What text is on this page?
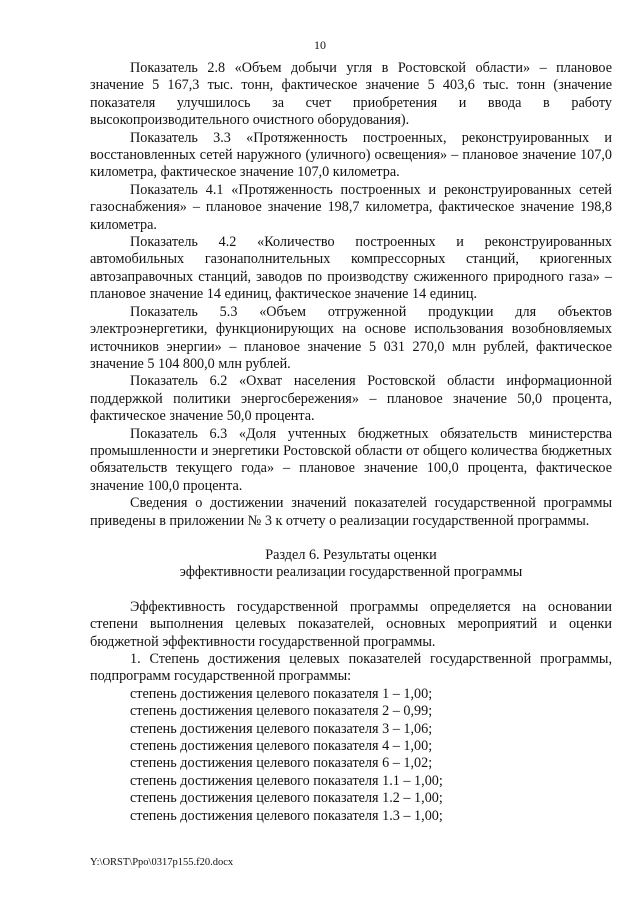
10

Показатель 2.8 «Объем добычи угля в Ростовской области» – плановое значение 5 167,3 тыс. тонн, фактическое значение 5 403,6 тыс. тонн (значение показателя улучшилось за счет приобретения и ввода в работу высокопроизводительного очистного оборудования).

Показатель 3.3 «Протяженность построенных, реконструированных и восстановленных сетей наружного (уличного) освещения» – плановое значение 107,0 километра, фактическое значение 107,0 километра.

Показатель 4.1 «Протяженность построенных и реконструированных сетей газоснабжения» – плановое значение 198,7 километра, фактическое значение 198,8 километра.

Показатель 4.2 «Количество построенных и реконструированных автомобильных газонаполнительных компрессорных станций, криогенных автозаправочных станций, заводов по производству сжиженного природного газа» – плановое значение 14 единиц, фактическое значение 14 единиц.

Показатель 5.3 «Объем отгруженной продукции для объектов электроэнергетики, функционирующих на основе использования возобновляемых источников энергии» – плановое значение 5 031 270,0 млн рублей, фактическое значение 5 104 800,0 млн рублей.

Показатель 6.2 «Охват населения Ростовской области информационной поддержкой политики энергосбережения» – плановое значение 50,0 процента, фактическое значение 50,0 процента.

Показатель 6.3 «Доля учтенных бюджетных обязательств министерства промышленности и энергетики Ростовской области от общего количества бюджетных обязательств текущего года» – плановое значение 100,0 процента, фактическое значение 100,0 процента.

Сведения о достижении значений показателей государственной программы приведены в приложении № 3 к отчету о реализации государственной программы.

Раздел 6. Результаты оценки
эффективности реализации государственной программы

Эффективность государственной программы определяется на основании степени выполнения целевых показателей, основных мероприятий и оценки бюджетной эффективности государственной программы.

1. Степень достижения целевых показателей государственной программы, подпрограмм государственной программы:

степень достижения целевого показателя 1 – 1,00;
степень достижения целевого показателя 2 – 0,99;
степень достижения целевого показателя 3 – 1,06;
степень достижения целевого показателя 4 – 1,00;
степень достижения целевого показателя 6 – 1,02;
степень достижения целевого показателя 1.1 – 1,00;
степень достижения целевого показателя 1.2 – 1,00;
степень достижения целевого показателя 1.3 – 1,00;
Y:\ORST\Ppo\0317p155.f20.docx
